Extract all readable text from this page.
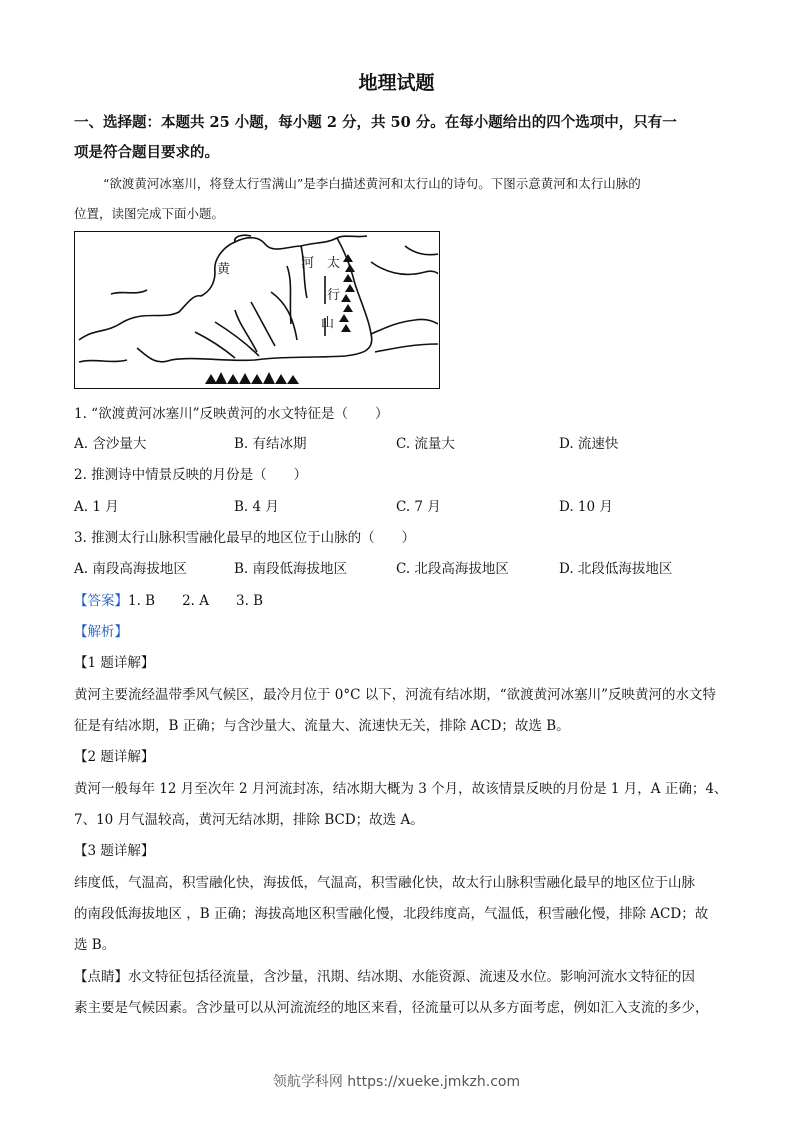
地理试题
一、选择题：本题共 25 小题，每小题 2 分，共 50 分。在每小题给出的四个选项中，只有一
项是符合题目要求的。
“欲渡黄河冰塞川，将登太行雪满山”是李白描述黄河和太行山的诗句。下图示意黄河和太行山脉的
位置，读图完成下面小题。
黄	河 太
行
山
1. “欲渡黄河冰塞川”反映黄河的水文特征是（　　）
A. 含沙量大	B. 有结冰期	C. 流量大	D. 流速快
2. 推测诗中情景反映的月份是（　　）
A. 1 月	B. 4 月	C. 7 月	D. 10 月
3. 推测太行山脉积雪融化最早的地区位于山脉的（　　）
A. 南段高海拔地区	B. 南段低海拔地区	C. 北段高海拔地区	D. 北段低海拔地区
【答案】1. B　　2. A　　3. B
【解析】
【1 题详解】
黄河主要流经温带季风气候区，最冷月位于 0°C 以下，河流有结冰期，“欲渡黄河冰塞川”反映黄河的水文特
征是有结冰期，B 正确；与含沙量大、流量大、流速快无关，排除 ACD；故选 B。
【2 题详解】
黄河一般每年 12 月至次年 2 月河流封冻，结冰期大概为 3 个月，故该情景反映的月份是 1 月，A 正确；4、
7、10 月气温较高，黄河无结冰期，排除 BCD；故选 A。
【3 题详解】
纬度低，气温高，积雪融化快，海拔低，气温高，积雪融化快，故太行山脉积雪融化最早的地区位于山脉
的南段低海拔地区 ，B 正确；海拔高地区积雪融化慢，北段纬度高，气温低，积雪融化慢，排除 ACD；故
选 B。
【点睛】水文特征包括径流量，含沙量，汛期、结冰期、水能资源、流速及水位。影响河流水文特征的因
素主要是气候因素。含沙量可以从河流流经的地区来看，径流量可以从多方面考虑，例如汇入支流的多少，
领航学科网 https://xueke.jmkzh.com
